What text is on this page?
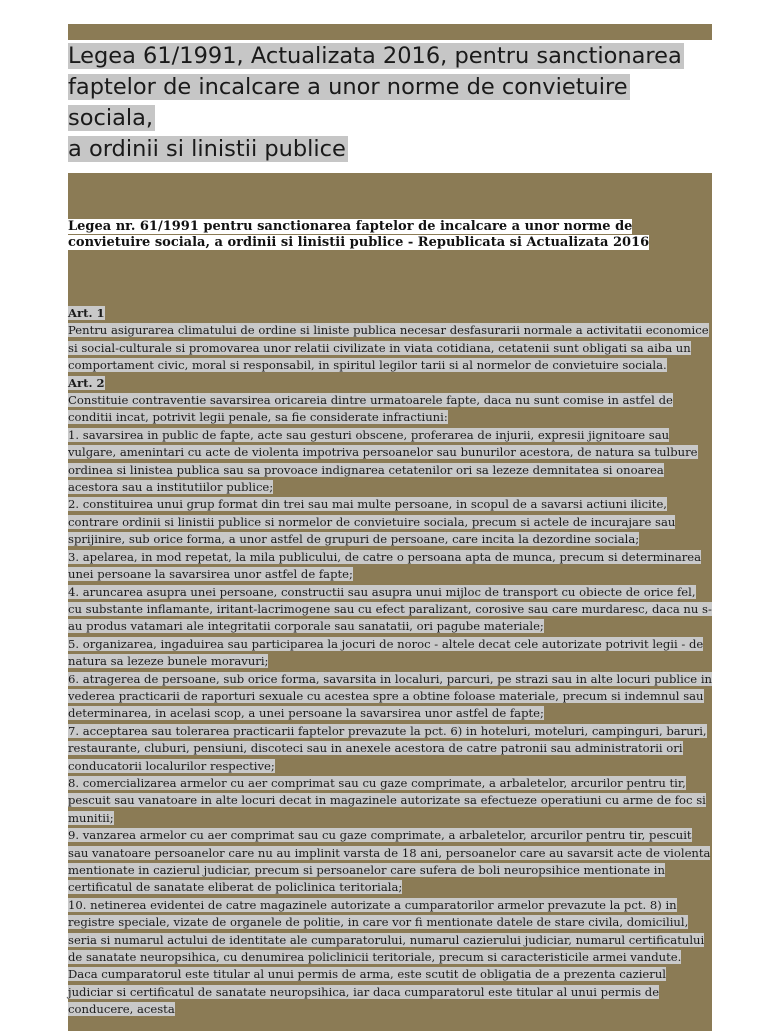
Legea 61/1991, Actualizata 2016, pentru sanctionarea
faptelor de incalcare a unor norme de convietuire sociala,
a ordinii si linistii publice
Legea nr. 61/1991 pentru sanctionarea faptelor de incalcare a unor norme de convietuire sociala, a ordinii si linistii publice - Republicata si Actualizata 2016

Art. 1

Pentru asigurarea climatului de ordine si liniste publica necesar desfasurarii normale a activitatii economice si social-culturale si promovarea unor relatii civilizate in viata cotidiana, cetatenii sunt obligati sa aiba un comportament civic, moral si responsabil, in spiritul legilor tarii si al normelor de convietuire sociala.

Art. 2

Constituie contraventie savarsirea oricareia dintre urmatoarele fapte, daca nu sunt comise in astfel de conditii incat, potrivit legii penale, sa fie considerate infractiuni:

1. savarsirea in public de fapte, acte sau gesturi obscene, proferarea de injurii, expresii jignitoare sau vulgare, amenintari cu acte de violenta impotriva persoanelor sau bunurilor acestora, de natura sa tulbure ordinea si linistea publica sau sa provoace indignarea cetatenilor ori sa lezeze demnitatea si onoarea acestora sau a institutiilor publice;

2. constituirea unui grup format din trei sau mai multe persoane, in scopul de a savarsi actiuni ilicite, contrare ordinii si linistii publice si normelor de convietuire sociala, precum si actele de incurajare sau sprijinire, sub orice forma, a unor astfel de grupuri de persoane, care incita la dezordine sociala;

3. apelarea, in mod repetat, la mila publicului, de catre o persoana apta de munca, precum si determinarea unei persoane la savarsirea unor astfel de fapte;

4. aruncarea asupra unei persoane, constructii sau asupra unui mijloc de transport cu obiecte de orice fel, cu substante inflamante, iritant-lacrimogene sau cu efect paralizant, corosive sau care murdaresc, daca nu s-au produs vatamari ale integritatii corporale sau sanatatii, ori pagube materiale;

5. organizarea, ingaduirea sau participarea la jocuri de noroc - altele decat cele autorizate potrivit legii - de natura sa lezeze bunele moravuri;

6. atragerea de persoane, sub orice forma, savarsita in localuri, parcuri, pe strazi sau in alte locuri publice in vederea practicarii de raporturi sexuale cu acestea spre a obtine foloase materiale, precum si indemnul sau determinarea, in acelasi scop, a unei persoane la savarsirea unor astfel de fapte;

7. acceptarea sau tolerarea practicarii faptelor prevazute la pct. 6) in hoteluri, moteluri, campinguri, baruri, restaurante, cluburi, pensiuni, discoteci sau in anexele acestora de catre patronii sau administratorii ori conducatorii localurilor respective;

8. comercializarea armelor cu aer comprimat sau cu gaze comprimate, a arbaletelor, arcurilor pentru tir, pescuit sau vanatoare in alte locuri decat in magazinele autorizate sa efectueze operatiuni cu arme de foc si munitii;

9. vanzarea armelor cu aer comprimat sau cu gaze comprimate, a arbaletelor, arcurilor pentru tir, pescuit sau vanatoare persoanelor care nu au implinit varsta de 18 ani, persoanelor care au savarsit acte de violenta mentionate in cazierul judiciar, precum si persoanelor care sufera de boli neuropsihice mentionate in certificatul de sanatate eliberat de policlinica teritoriala;

10. netinerea evidentei de catre magazinele autorizate a cumparatorilor armelor prevazute la pct. 8) in registre speciale, vizate de organele de politie, in care vor fi mentionate datele de stare civila, domiciliul, seria si numarul actului de identitate ale cumparatorului, numarul cazierului judiciar, numarul certificatului de sanatate neuropsihica, cu denumirea policlinicii teritoriale, precum si caracteristicile armei vandute.

Daca cumparatorul este titular al unui permis de arma, este scutit de obligatia de a prezenta cazierul judiciar si certificatul de sanatate neuropsihica, iar daca cumparatorul este titular al unui permis de conducere, acesta
